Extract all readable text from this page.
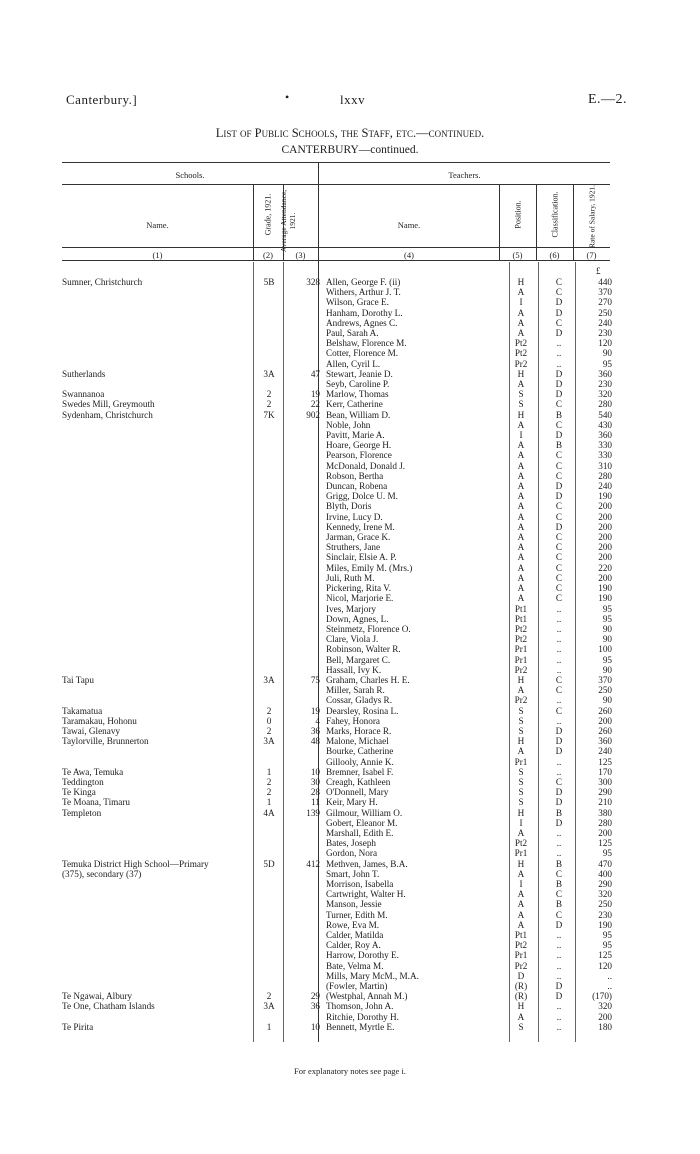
Canterbury.]	•	lxxv	E.—2.
List of Public Schools, the Staff, etc.—continued.
CANTERBURY—continued.
Schools.	Teachers.
Name.	Grade, 1921. Average Attendance, 1921.	Name.	Position.	Classification.	Rate of Salary, 1921.
(1)	(2)	(3)	(4)	(5)	(6)	(7)
£
Sumner, Christchurch	5B	328 Allen, George F. (ii)	H	C	440
Withers, Arthur J. T.	A	C	370
Wilson, Grace E.	I	D	270
Hanham, Dorothy L.	A	D	250
Andrews, Agnes C.	A	C	240
Paul, Sarah A.	A	D	230
Belshaw, Florence M.	Pt2	..	120
Cotter, Florence M.	Pt2	..	90
Allen, Cyril L.	Pr2	..	95
Sutherlands	3A	47 Stewart, Jeanie D.	H	D	360
Seyb, Caroline P.	A	D	230
Swannanoa	2	19 Marlow, Thomas	S	D	320
Swedes Mill, Greymouth	2	22 Kerr, Catherine	S	C	280
Sydenham, Christchurch	7K	902 Bean, William D.	H	B	540
Noble, John	A	C	430
Pavitt, Marie A.	I	D	360
Hoare, George H.	A	B	330
Pearson, Florence	A	C	330
McDonald, Donald J.	A	C	310
Robson, Bertha	A	C	280
Duncan, Robena	A	D	240
Grigg, Dolce U. M.	A	D	190
Blyth, Doris	A	C	200
Irvine, Lucy D.	A	C	200
Kennedy, Irene M.	A	D	200
Jarman, Grace K.	A	C	200
Struthers, Jane	A	C	200
Sinclair, Elsie A. P.	A	C	200
Miles, Emily M. (Mrs.)	A	C	220
Juli, Ruth M.	A	C	200
Pickering, Rita V.	A	C	190
Nicol, Marjorie E.	A	C	190
Ives, Marjory	Pt1	..	95
Down, Agnes, L.	Pt1	..	95
Steinmetz, Florence O.	Pt2	..	90
Clare, Viola J.	Pt2	..	90
Robinson, Walter R.	Pr1	..	100
Bell, Margaret C.	Pr1	..	95
Hassall, Ivy K.	Pr2	..	90
Tai Tapu	3A	75 Graham, Charles H. E.	H	C	370
Miller, Sarah R.	A	C	250
Cossar, Gladys R.	Pr2	..	90
Takamatua	2	19 Dearsley, Rosina L.	S	C	260
Taramakau, Hohonu	0	4 Fahey, Honora	S	..	200
Tawai, Glenavy	2	36 Marks, Horace R.	S	D	260
Taylorville, Brunnerton	3A	48 Malone, Michael	H	D	360
Bourke, Catherine	A	D	240
Gillooly, Annie K.	Pr1	..	125
Te Awa, Temuka	1	10 Bremner, Isabel F.	S	..	170
Teddington	2	30 Creagh, Kathleen	S	C	300
Te Kinga	2	28 O'Donnell, Mary	S	D	290
Te Moana, Timaru	1	11 Keir, Mary H.	S	D	210
Templeton	4A	139 Gilmour, William O.	H	B	380
Gobert, Eleanor M.	I	D	280
Marshall, Edith E.	A	..	200
Bates, Joseph	Pt2	..	125
Gordon, Nora	Pr1	..	95
Temuka District High School—Primary	5D	412 Methven, James, B.A.	H	B	470
(375), secondary (37)	Smart, John T.	A	C	400
Morrison, Isabella	I	B	290
Cartwright, Walter H.	A	C	320
Manson, Jessie	A	B	250
Turner, Edith M.	A	C	230
Rowe, Eva M.	A	D	190
Calder, Matilda	Pt1	..	95
Calder, Roy A.	Pt2	..	95
Harrow, Dorothy E.	Pr1	..	125
Bate, Velma M.	Pr2	..	120
Mills, Mary McM., M.A.	D	..	..
(Fowler, Martin)	(R)	D	..
Te Ngawai, Albury	2	29 (Westphal, Annah M.)	(R)	D	(170)
Te One, Chatham Islands	3A	36 Thomson, John A.	H	..	320
Ritchie, Dorothy H.	A	..	200
Te Pirita	1	10 Bennett, Myrtle E.	S	..	180
For explanatory notes see page i.
